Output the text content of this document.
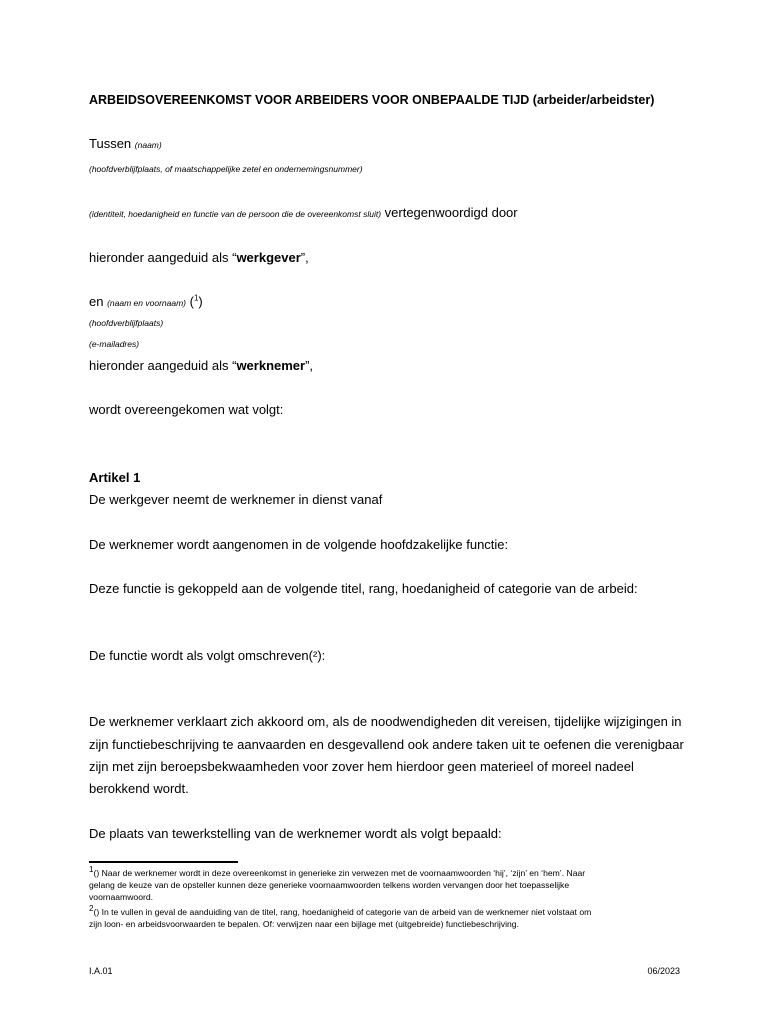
ARBEIDSOVEREENKOMST VOOR ARBEIDERS VOOR ONBEPAALDE TIJD (arbeider/arbeidster)
Tussen (naam)
(hoofdverblijfplaats, of maatschappelijke zetel en ondernemingsnummer)
(identiteit, hoedanigheid en functie van de persoon die de overeenkomst sluit) vertegenwoordigd door
hieronder aangeduid als “werkgever”,
en (naam en voornaam) ($^1$)
(hoofdverblijfplaats)
(e-mailadres)
hieronder aangeduid als “werknemer”,
wordt overeengekomen wat volgt:
Artikel 1
De werkgever neemt de werknemer in dienst vanaf
De werknemer wordt aangenomen in de volgende hoofdzakelijke functie:
Deze functie is gekoppeld aan de volgende titel, rang, hoedanigheid of categorie van de arbeid:
De functie wordt als volgt omschreven(²):
De werknemer verklaart zich akkoord om, als de noodwendigheden dit vereisen, tijdelijke wijzigingen in
zijn functiebeschrijving te aanvaarden en desgevallend ook andere taken uit te oefenen die verenigbaar
zijn met zijn beroepsbekwaamheden voor zover hem hierdoor geen materieel of moreel nadeel
berokkend wordt.
De plaats van tewerkstelling van de werknemer wordt als volgt bepaald:
$^1$() Naar de werknemer wordt in deze overeenkomst in generieke zin verwezen met de voornaamwoorden ‘hij’, ‘zijn’ en ‘hem’. Naar
gelang de keuze van de opsteller kunnen deze generieke voornaamwoorden telkens worden vervangen door het toepasselijke
voornaamwoord.
$^2$() In te vullen in geval de aanduiding van de titel, rang, hoedanigheid of categorie van de arbeid van de werknemer niet volstaat om
zijn loon- en arbeidsvoorwaarden te bepalen. Of: verwijzen naar een bijlage met (uitgebreide) functiebeschrijving.
I.A.01	06/2023
